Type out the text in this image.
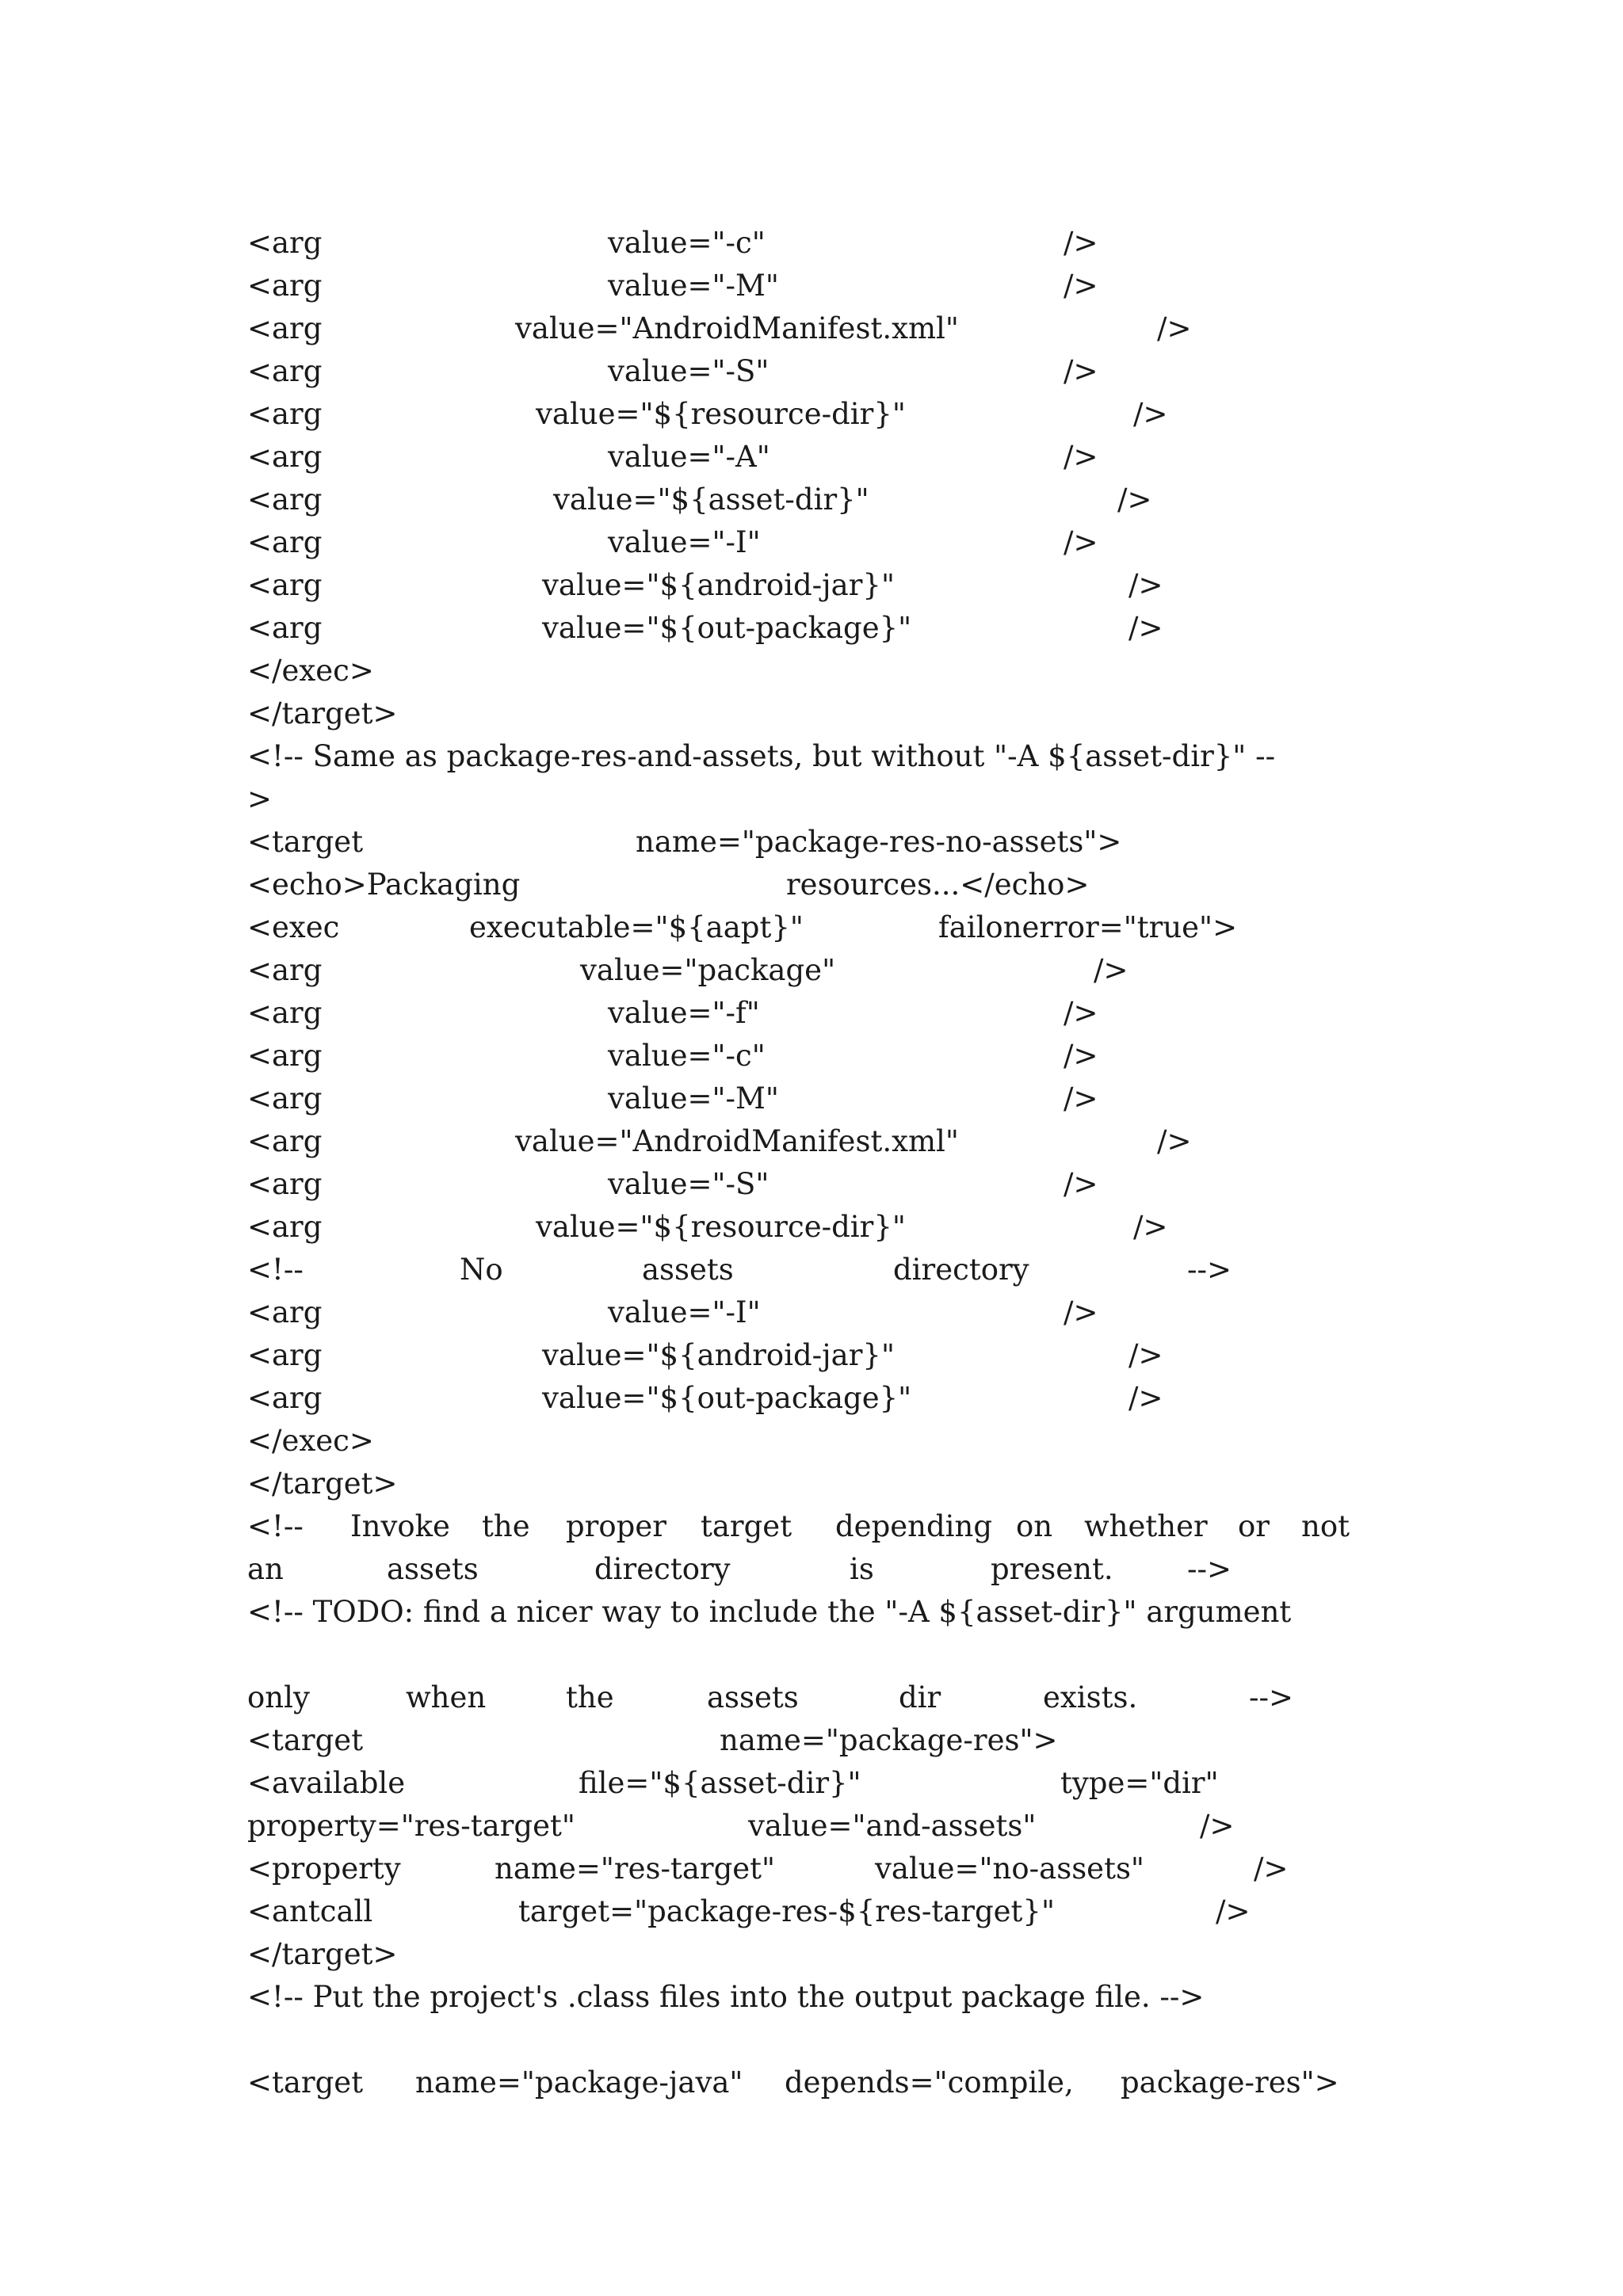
<arg

	value="-c"

	/>

<arg

	value="-M"

	/>

<arg

	value="AndroidManifest.xml"

	/>

<arg

	value="-S"

	/>

<arg

	value="${resource-dir}"

	/>

<arg

	value="-A"

	/>

<arg

	value="${asset-dir}"

	/>

<arg

	value="-I"

	/>

<arg

	value="${android-jar}"

	/>

<arg

	value="${out-package}"

	/>

</exec>

</target>

<!-- Same as package-res-and-assets, but without "-A ${asset-dir}" --

>

<target

	name="package-res-no-assets">

<echo>Packaging

	resources...</echo>

<exec

	executable="${aapt}"

	failonerror="true">

<arg

	value="package"

	/>

<arg

	value="-f"

	/>

<arg

	value="-c"

	/>

<arg

	value="-M"

	/>

<arg

	value="AndroidManifest.xml"

	/>

<arg

	value="-S"

	/>

<arg

	value="${resource-dir}"

	/>

<!--

	No

	assets

	directory

	-->

<arg

	value="-I"

	/>

<arg

	value="${android-jar}"

	/>

<arg

	value="${out-package}"

	/>

</exec>

</target>

<!--

Invoke

the

proper

target

depending

on

whether

or

not

an

	assets

	directory

	is

	present.

	-->

<!-- TODO: find a nicer way to include the "-A ${asset-dir}" argument

only

	when

	the

	assets

	dir

	exists.

	-->

<target

	name="package-res">

<available

	file="${asset-dir}"

	type="dir"

property="res-target"

	value="and-assets"

	/>

<property

	name="res-target"

	value="no-assets"

	/>

<antcall

	target="package-res-${res-target}"

	/>

</target>

<!-- Put the project's .class files into the output package file. -->

<target

name="package-java"

depends="compile,

package-res">
